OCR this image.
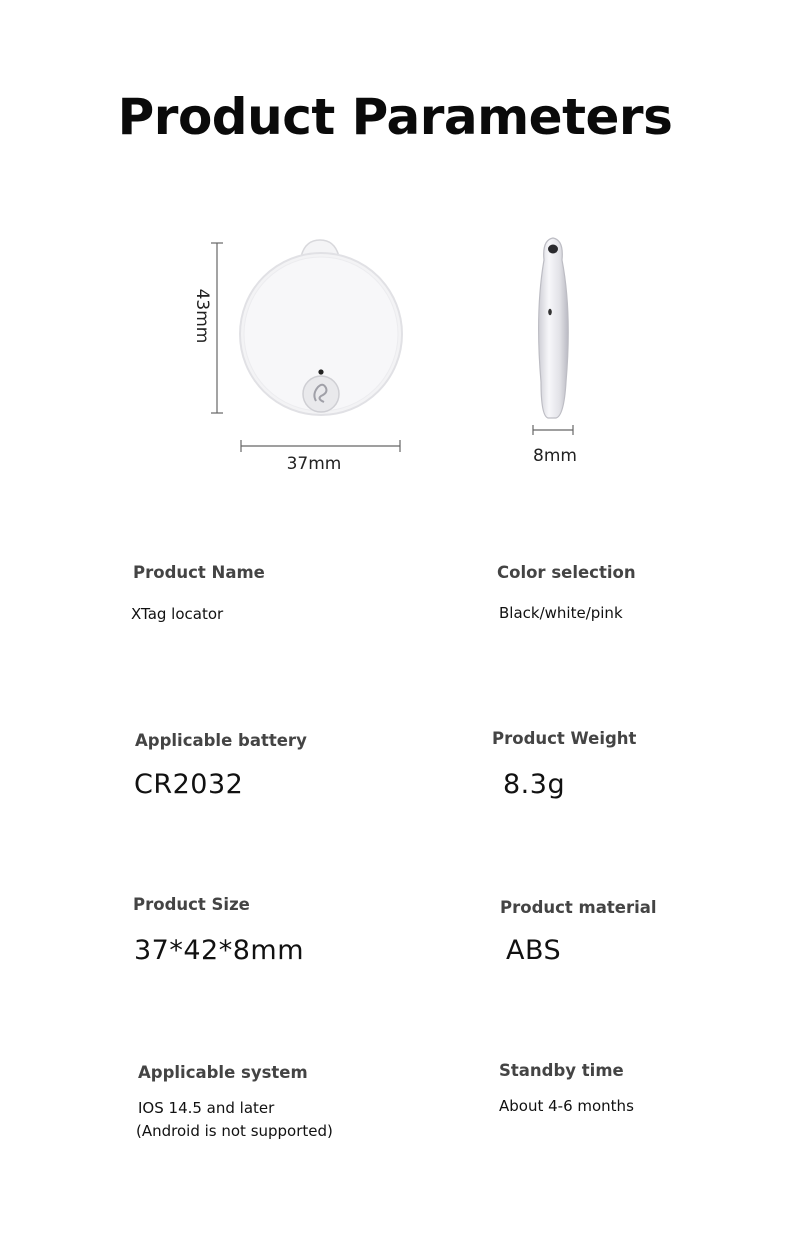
Product Parameters
43mm
37mm	8mm
Product Name
XTag locator
Color selection
Black/white/pink
Applicable battery
CR2032
Product Weight
8.3g
Product Size
37*42*8mm
Product material
ABS
Applicable system
IOS 14.5 and later
(Android is not supported)
Standby time
About 4-6 months
